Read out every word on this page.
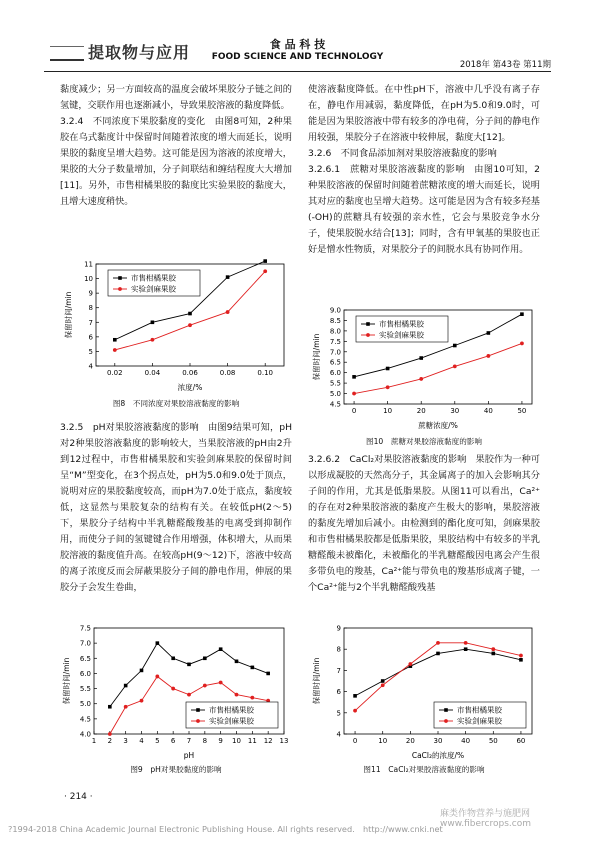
提取物与应用	食 品 科 技
FOOD SCIENCE AND TECHNOLOGY
2018年 第43卷 第11期

黏度减少；另一方面较高的温度会破坏果胶分子链之间的氢键，交联作用也逐渐减小，导致果胶溶液的黏度降低。

3.2.4　不同浓度下果胶黏度的变化　由图8可知，2种果胶在乌式黏度计中保留时间随着浓度的增大而延长，说明果胶的黏度呈增大趋势。这可能是因为溶液的浓度增大，果胶的大分子数量增加，分子间联结和缠结程度大大增加[11]。另外，市售柑橘果胶的黏度比实验果胶的黏度大，且增大速度稍快。

0.02	0.04	0.06	0.08	0.10
4
5
6
7
8
9
10
11
浓度/%
保留时间/min
市售柑橘果胶
实验剑麻果胶
图8　不同浓度对果胶溶液黏度的影响

3.2.5　pH对果胶溶液黏度的影响　由图9结果可知，pH对2种果胶溶液黏度的影响较大，当果胶溶液的pH由2升到12过程中，市售柑橘果胶和实验剑麻果胶的保留时间呈“M”型变化，在3个拐点处，pH为5.0和9.0处于顶点，说明对应的果胶黏度较高，而pH为7.0处于底点，黏度较低，这显然与果胶复杂的结构有关。在较低pH(2～5)下，果胶分子结构中半乳糖醛酸羧基的电离受到抑制作用，而使分子间的氢键键合作用增强，体积增大，从而果胶溶液的黏度值升高。在较高pH(9～12)下，溶液中较高的离子浓度反而会屏蔽果胶分子间的静电作用，伸展的果胶分子会发生卷曲，

1 2 3 4 5 6 7 8 9 10 11 12 13
4.0
4.5
5.0
5.5
6.0
6.5
7.0
7.5
pH
保留时间/min
市售柑橘果胶
实验剑麻果胶
图9　pH对果胶黏度的影响

使溶液黏度降低。在中性pH下，溶液中几乎没有离子存在，静电作用减弱，黏度降低，在pH为5.0和9.0时，可能是因为果胶溶液中带有较多的净电荷，分子间的静电作用较强，果胶分子在溶液中较伸展，黏度大[12]。

3.2.6　不同食品添加剂对果胶溶液黏度的影响

3.2.6.1　蔗糖对果胶溶液黏度的影响　由图10可知，2种果胶溶液的保留时间随着蔗糖浓度的增大而延长，说明其对应的黏度也呈增大趋势。这可能是因为含有较多羟基(-OH)的蔗糖具有较强的亲水性，它会与果胶竞争水分子，使果胶脱水结合[13]；同时，含有甲氧基的果胶也正好是憎水性物质，对果胶分子的间脱水具有协同作用。

0	10	20	30	40	50
4.5
5.0
5.5
6.0
6.5
7.0
7.5
8.0
8.5
9.0
蔗糖浓度/%
保留时间/min
市售柑橘果胶
实验剑麻果胶
图10　蔗糖对果胶溶液黏度的影响

3.2.6.2　CaCl₂对果胶溶液黏度的影响　果胶作为一种可以形成凝胶的天然高分子，其金属离子的加入会影响其分子间的作用，尤其是低脂果胶。从图11可以看出，Ca²⁺的存在对2种果胶溶液的黏度产生极大的影响，果胶溶液的黏度先增加后减小。由检测到的酯化度可知，剑麻果胶和市售柑橘果胶都是低脂果胶，果胶结构中有较多的半乳糖醛酸未被酯化，未被酯化的半乳糖醛酸因电离会产生很多带负电的羧基，Ca²⁺能与带负电的羧基形成离子键，一个Ca²⁺能与2个半乳糖醛酸残基

0	10	20	30	40	50	60
4
5
6
7
8
9
CaCl₂的浓度/%
保留时间/min
市售柑橘果胶
实验剑麻果胶
图11　CaCl₂对果胶溶液黏度的影响
· 214 ·
麻类作物营养与施肥网 www.fibercrops.com
?1994-2018 China Academic Journal Electronic Publishing House. All rights reserved.　http://www.cnki.net
